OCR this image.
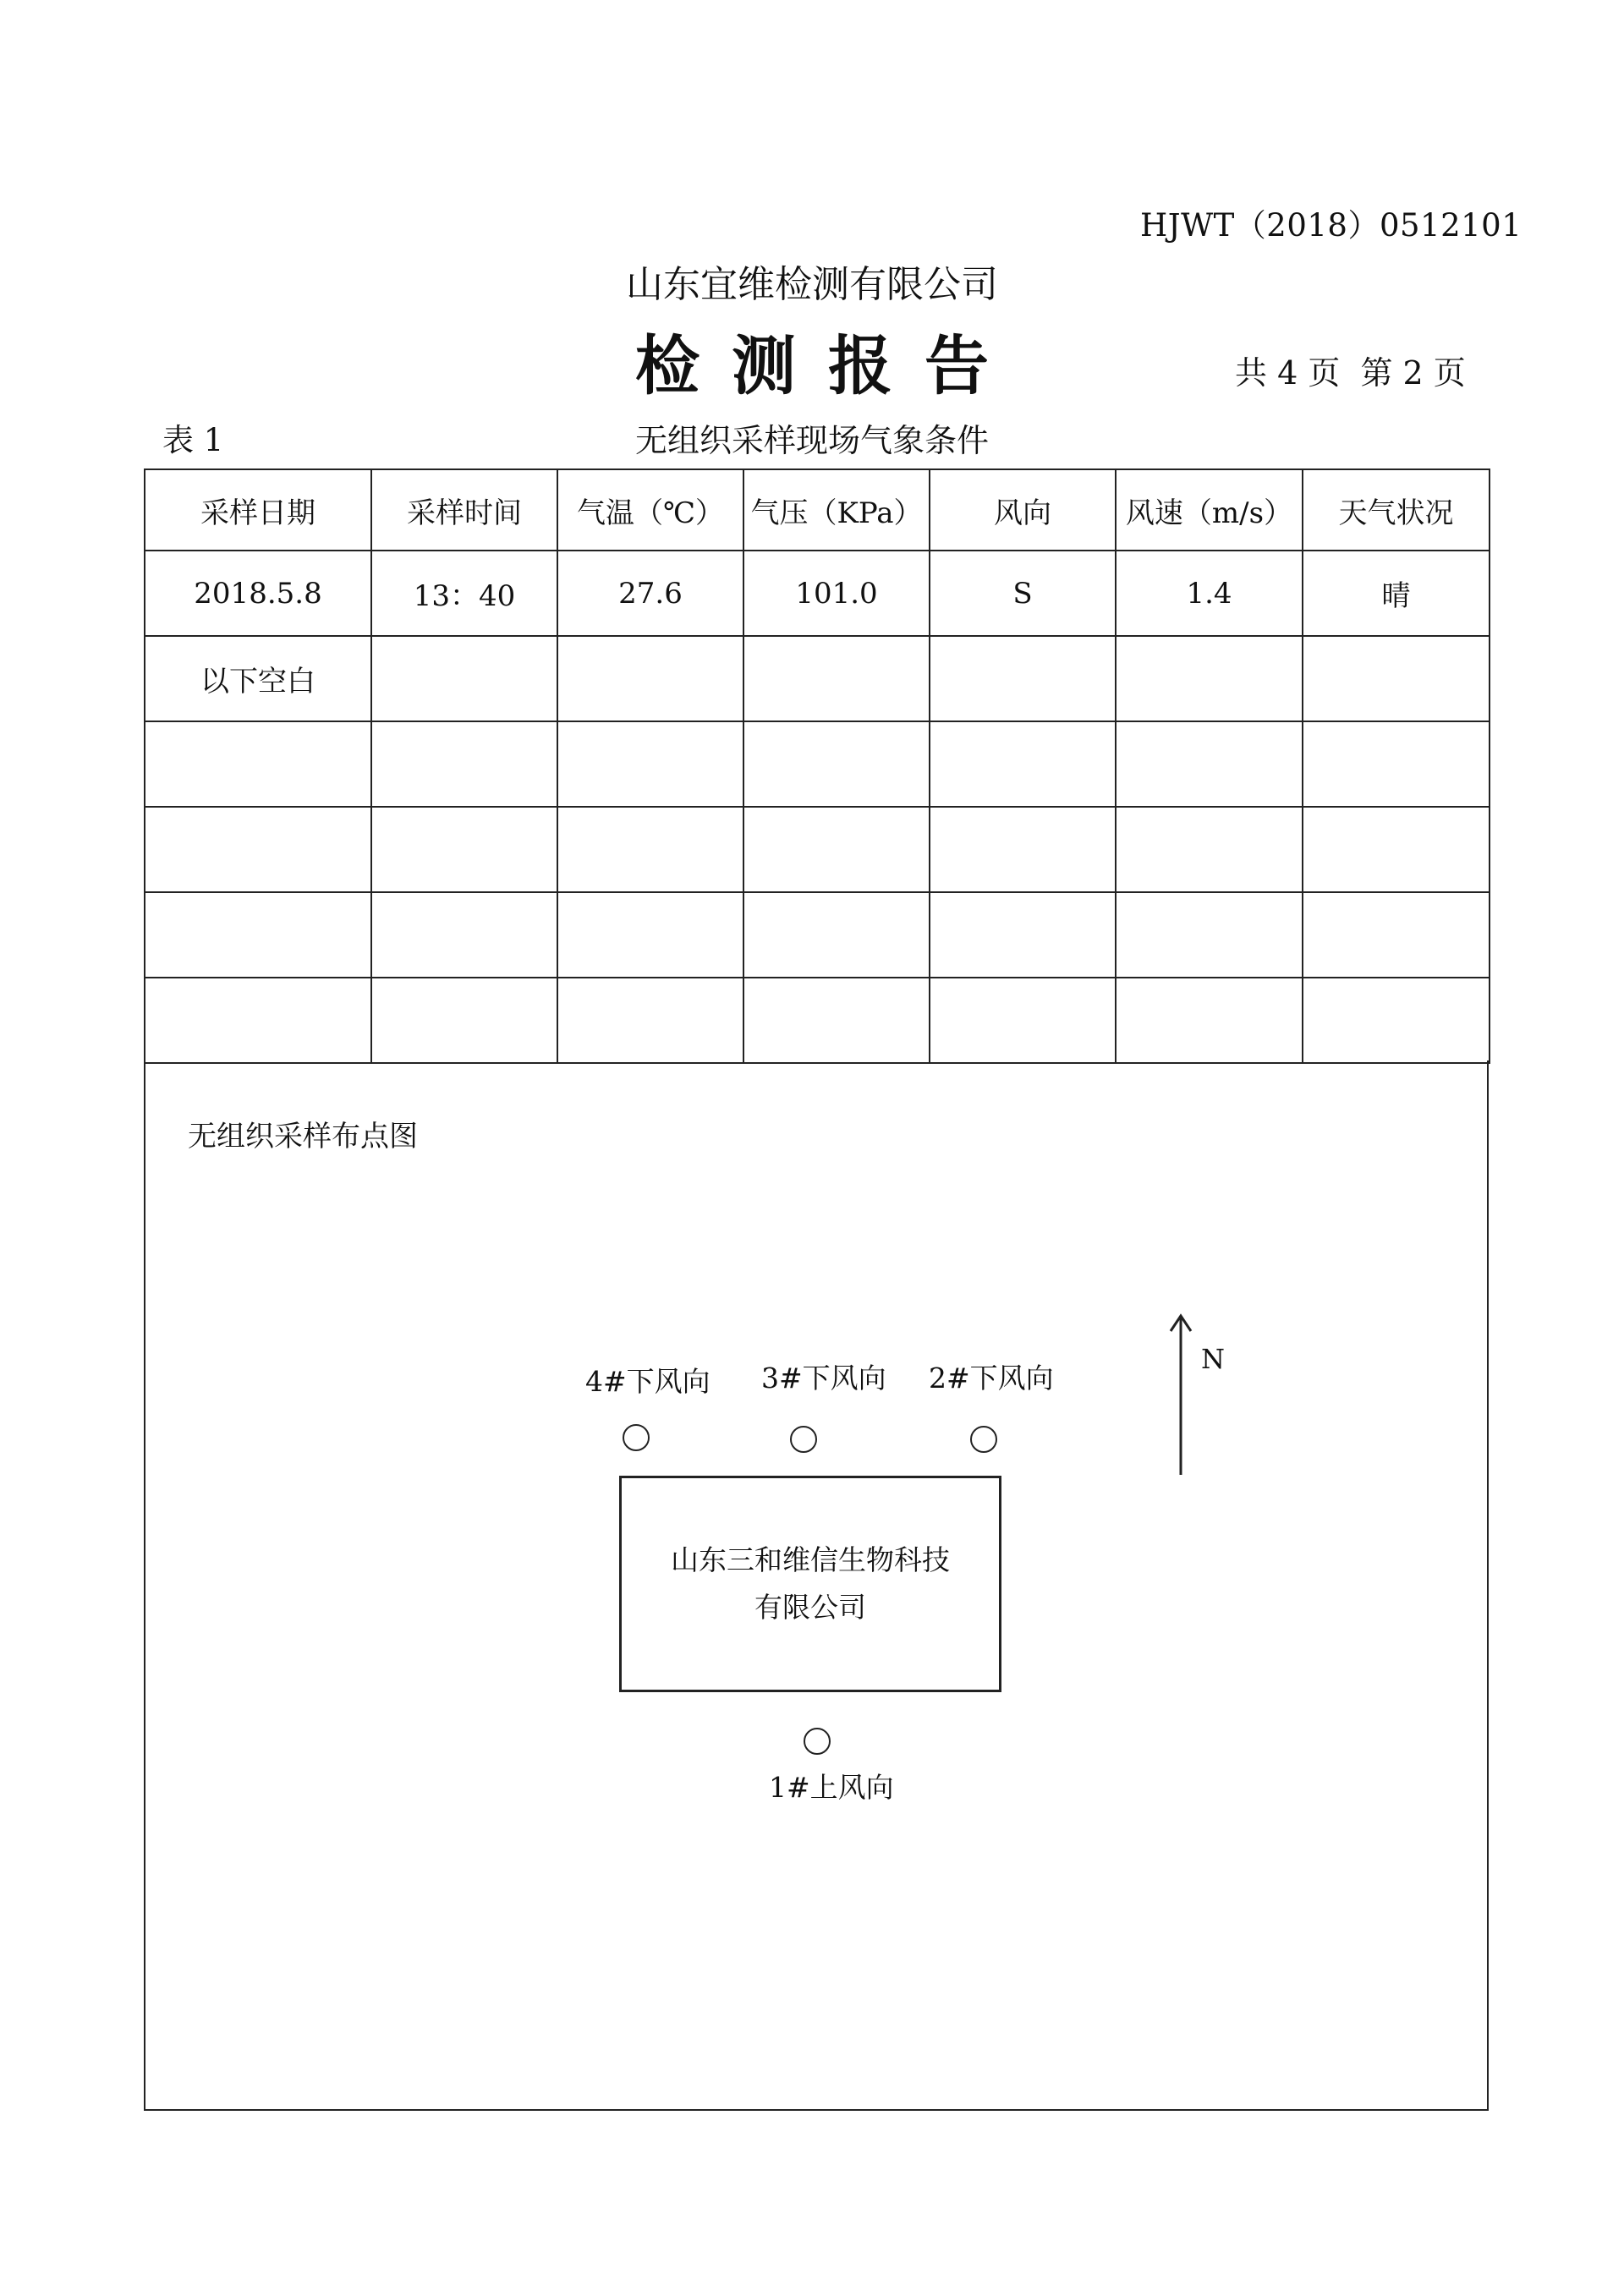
HJWT（2018）0512101
山东宜维检测有限公司
检测报告	共 4 页 第 2 页
表 1	无组织采样现场气象条件
采样日期	采样时间	气温（℃）	气压（KPa）	风向	风速（m/s）	天气状况
2018.5.8	13：40	27.6	101.0	S	1.4	晴
以下空白						

无组织采样布点图
4#下风向 3#下风向 2#下风向
山东三和维信生物科技
有限公司
1#上风向
N
